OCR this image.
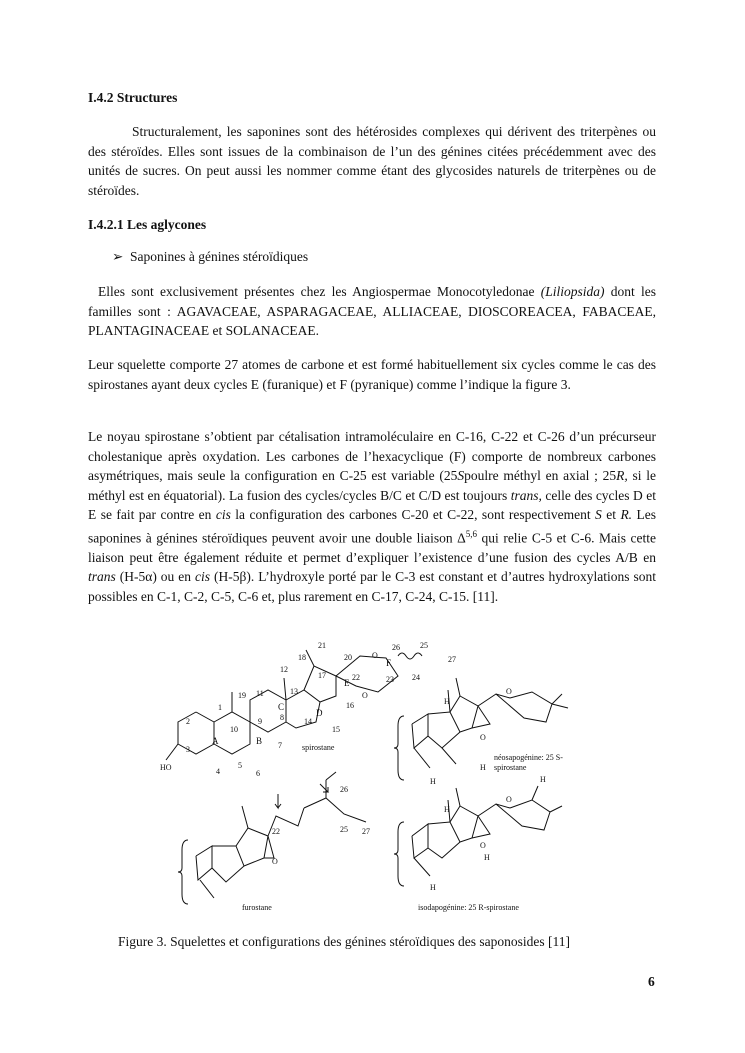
I.4.2 Structures

Structuralement, les saponines sont des hétérosides complexes qui dérivent des triterpènes ou des stéroïdes. Elles sont issues de la combinaison de l’un des génines citées précédemment avec des unités de sucres. On peut aussi les nommer comme étant des glycosides naturels de triterpènes ou de stéroïdes.

I.4.2.1 Les aglycones
➢ Saponines à génines stéroïdiques

Elles sont exclusivement présentes chez les Angiospermae Monocotyledonae (Liliopsida) dont les familles sont : AGAVACEAE, ASPARAGACEAE, ALLIACEAE, DIOSCOREACEA, FABACEAE, PLANTAGINACEAE et SOLANACEAE.

Leur squelette comporte 27 atomes de carbone et est formé habituellement six cycles comme le cas des spirostanes ayant deux cycles E (furanique) et F (pyranique) comme l’indique la figure 3.

Le noyau spirostane s’obtient par cétalisation intramoléculaire en C-16, C-22 et C-26 d’un précurseur cholestanique après oxydation. Les carbones de l’hexacyclique (F) comporte de nombreux carbones asymétriques, mais seule la configuration en C-25 est variable (25Spoulre méthyl en axial ; 25R, si le méthyl est en équatorial). La fusion des cycles/cycles B/C et C/D est toujours trans, celle des cycles D et E se fait par contre en cis la configuration des carbones C-20 et C-22, sont respectivement S et R. Les saponines à génines stéroïdiques peuvent avoir une double liaison Δ$^{5,6}$ qui relie C-5 et C-6. Mais cette liaison peut être également réduite et permet d’expliquer l’existence d’une fusion des cycles A/B en trans (H-5α) ou en cis (H-5β). L’hydroxyle porté par le C-3 est constant et d’autres hydroxylations sont possibles en C-1, C-2, C-5, C-6 et, plus rarement en C-17, C-24, C-15. [11].

21
18	20	O
26	25
27
12
17
F
22	23 24
E
19 11	13
C
D
O
1
9
16
2
10
8	14
15
A	B
3	7
HO	4
5
6
spirostane
O
O
H
H
H
néosapogénine: 25 S-
spirostane
26
22	25 27
O
furostane
O
O
H
H
H
H
isodapogénine: 25 R-spirostane
Figure 3. Squelettes et configurations des génines stéroïdiques des saponosides [11]
6
